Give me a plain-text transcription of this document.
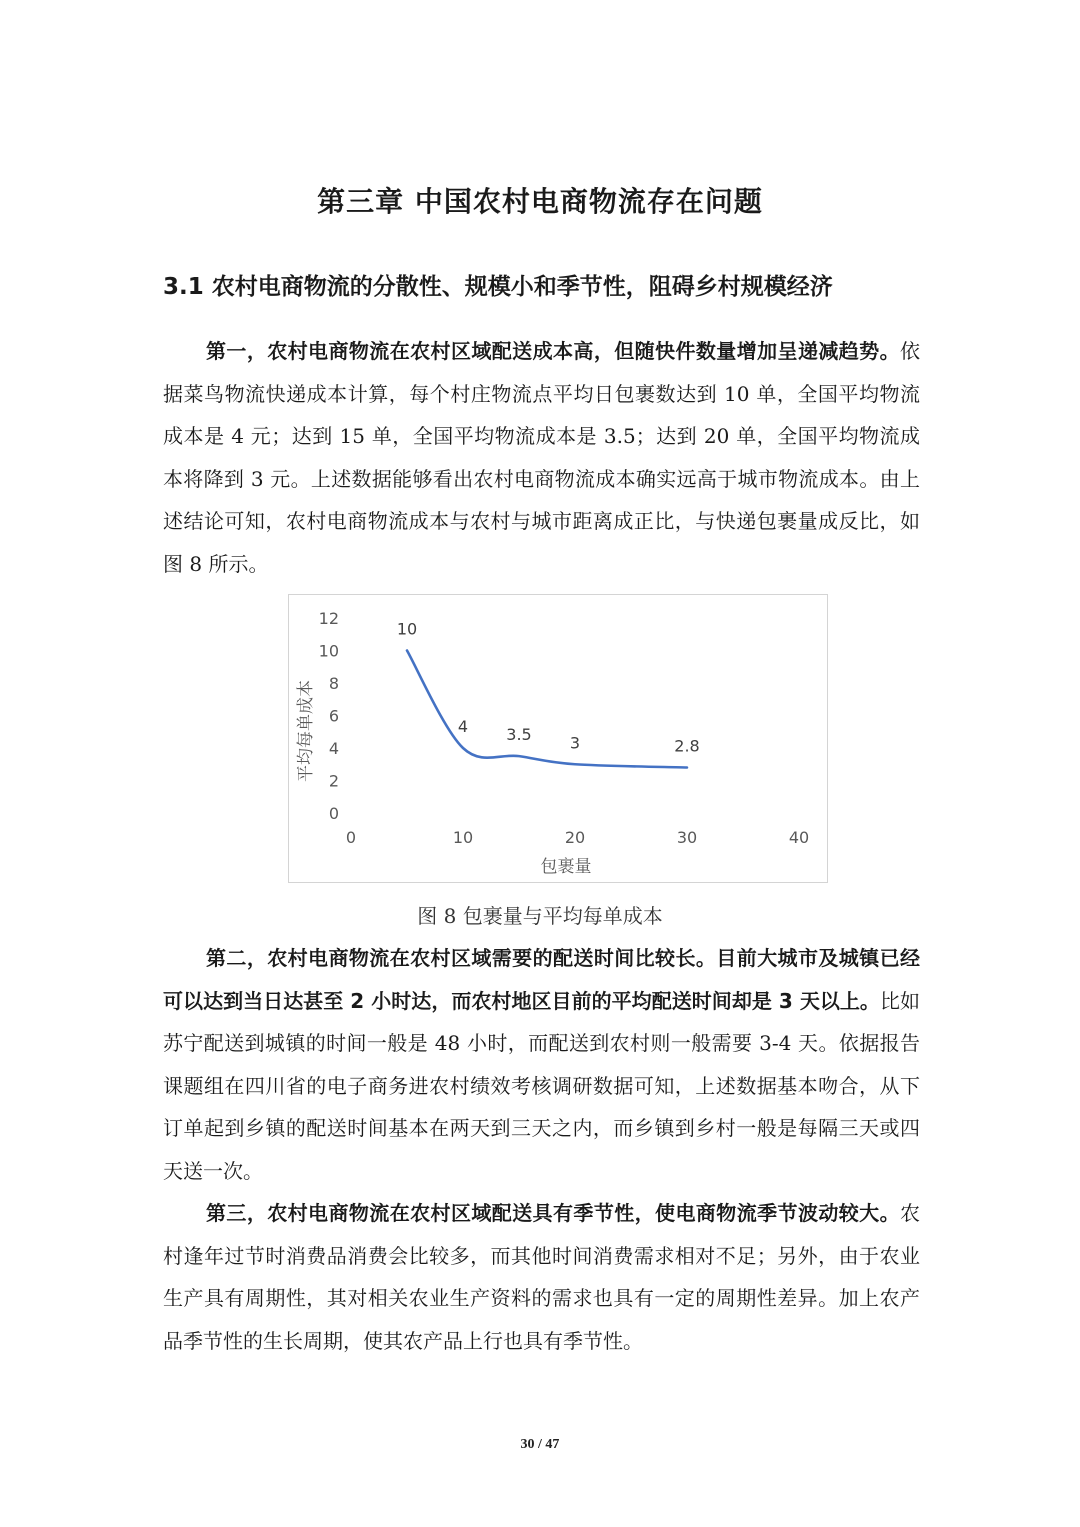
第三章 中国农村电商物流存在问题
3.1 农村电商物流的分散性、规模小和季节性，阻碍乡村规模经济

第一，农村电商物流在农村区域配送成本高，但随快件数量增加呈递减趋势。依据菜鸟物流快递成本计算，每个村庄物流点平均日包裹数达到 10 单，全国平均物流成本是 4 元；达到 15 单，全国平均物流成本是 3.5；达到 20 单，全国平均物流成本将降到 3 元。上述数据能够看出农村电商物流成本确实远高于城市物流成本。由上述结论可知，农村电商物流成本与农村与城市距离成正比，与快递包裹量成反比，如图 8 所示。

0
2
4
6
8
10
12
0	10	20	30	40
包裹量
平均每单成本
10
4 3.5 3	2.8
图 8 包裹量与平均每单成本

第二，农村电商物流在农村区域需要的配送时间比较长。目前大城市及城镇已经可以达到当日达甚至 2 小时达，而农村地区目前的平均配送时间却是 3 天以上。比如苏宁配送到城镇的时间一般是 48 小时，而配送到农村则一般需要 3-4 天。依据报告课题组在四川省的电子商务进农村绩效考核调研数据可知，上述数据基本吻合，从下订单起到乡镇的配送时间基本在两天到三天之内，而乡镇到乡村一般是每隔三天或四天送一次。

第三，农村电商物流在农村区域配送具有季节性，使电商物流季节波动较大。农村逢年过节时消费品消费会比较多，而其他时间消费需求相对不足；另外，由于农业生产具有周期性，其对相关农业生产资料的需求也具有一定的周期性差异。加上农产品季节性的生长周期，使其农产品上行也具有季节性。

30 / 47
